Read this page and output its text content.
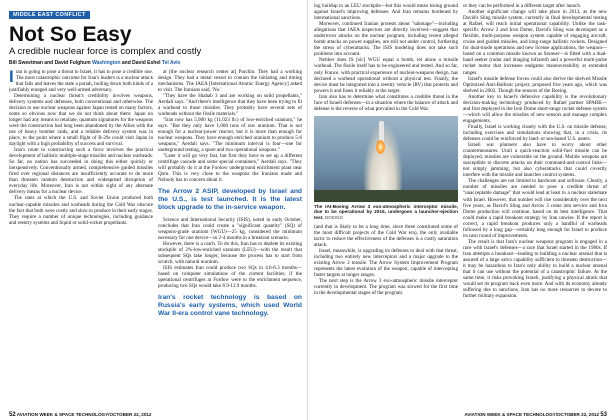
MIDDLE EAST CONFLICT
Not So Easy
A credible nuclear force is complex and costly
Bill Sweetman and David Fulghum Washington and David Eshel Tel Aviv
I ran is going to pose a threat to Israel, it has to pose a credible one. The most catastrophic outcome for Iran's leaders is a nuclear attack that fails and leaves the state a pariah, boiling down both kinds of a justifiably enraged and very well-armed adversary.

Determining a nuclear threat's credibility involves weapons, delivery systems and defenses, both conventional and otherwise. The decision to use nuclear weapons against Japan rested on many factors, some so obvious now that we do not think about them: Japan no longer had any means to retaliate, quantum signatures for the weapons were the construction had long been abandoned by the Allies with the use of heavy bomber raids, and a reliable delivery system was in place, to the point where a small flight of B-29s could visit Japan in daylight with a high probability of success and survival.

Iran's route to constructing such a force involves the practical development of ballistic multiple-stage missiles and nuclear warheads. So far, no nation has succeeded in doing this either quickly or inexpensively. Conventionally armed, comprehensive guided missiles fired over regional distances are insufficiently accurate to do more than threaten random destruction and widespread disruption of everyday life. Moreover, Iran is not within sight of any alternate delivery means for a nuclear device.

The rates at which the U.S. and Soviet Union produced both nuclear-capable missiles and warheads during the Cold War obscure the fact that both were costly and slow to produce in their early stages. They require a number of unique technologies, including guidance and reentry systems and liquid or solid-rocket propellants.

at [the nuclear research center at] Parchin. They had a working design. They had a metal vessel to contain the initiating and timing mechanisms. The IAEA [International Atomic Energy Agency] asked to visit. The Iranians said, 'No.'

"They have the Shahab 3 and are working on solid propellants," Aerdali says. "And there's intelligence that they have been trying to fit a warhead to those missiles. They probably have several sets of warheads without the fissile materials."

"Iran now has 5,000 kg (11,023 lb.) of low-enriched uranium," he says. "But they only have 1,000 tons of raw uranium. That is not enough for a nuclear-power reactor, but it is more than enough for nuclear weapons. They have enough enriched uranium to produce 5-6 weapons," Aerdali says. "The minimum interval is four—one for underground testing, a spare and two operational weapons."

"Later it will go very fast, but first they have to set up a different centrifuge cascade and some special containers," Aerdali says. "They will probably do it at the Fordow underground enrichment plant near Qom. This is very close to the weapons the Iranians made and Nobody has to concern about it.

The Arrow 2 ASIP, developed by Israel and the U.S., is test launched. It is the latest block upgrade to the in-service weapon.

Science and International Security (ISIS), noted in early October, concludes that Iran could create a "significant quantity" (SQ) of weapons-grade uranium (WGU)—25 kg, considered the minimum necessary for one device—in 2-4 months in a breakout scenario.

However, there is a catch. To do this, Iran has to deplete its existing stockpile of 2%-low-enriched uranium (LEU)—with the result that subsequent SQs take longer, because the process has to start from scratch, with natural uranium.

ISIS estimates Iran could produce two SQs in 4.6-6.3 months—based on computer simulations of the current facilities; if the operational centrifuges at Fordow were to the enrichment sequence, producing two SQs would take 8.9-12.9 months.

Iran's rocket technology is based on Russia's early systems, which used World War II-era control vane technology.
52 AVIATION WEEK & SPACE TECHNOLOGY/OCTOBER 22, 2012

ing buildup to an LEU stockpile—but this would mean losing ground against Israel's improving defenses. And Iran remains burdened by international sanctions.

Moreover, continued Iranian protests about "sabotage"—including allegations that IAEA inspectors are directly involved—suggest that underrover attacks on the nuclear program, including recent alleged bomb attacks on power supplies, are still not under control, furthering the stress of cyberattacks. The ISIS modeling does not take such problems into account.

Neither does IS [sic] WGU equal a bomb, let alone a missile warhead. The fissile itself has to be engineered and tested. And so far, only France, with practical experience of nuclear-weapons design, has declared a warhead operational without a physical test. Finally, the device must be integrated into a reentry vehicle (RV) that protects and powers it and fuses it reliably at the target.

Iran also has to determine what constitutes a credible threat in the face of Israeli defenses—in a situation where the balance of attack and defense is the reverse of what prevailed in the Cold War.

The IAI-Boeing Arrow 3 exo-atmospheric interceptor missile, due to be operational by 2016, undergoes a launcher-ejection test. BOEING

(and that is likely to be a long time, since three constituted some of the most difficult projects of the Cold War era), the only available tactic to reduce the effectiveness of the defenses is a costly saturation attack.

Israel, meanwhile, is upgrading its defenses to deal with that threat, including two entirely new interceptors and a major upgrade to the existing Arrow 2 missile. The Arrow System Improvement Program represents the latest evolution of the weapon, capable of intercepting faster targets at longer ranges.

The next step is the Arrow 3 exo-atmospheric missile interceptor currently in development. The program was slowed for the first time in the developmental stages of the program.

or they can be performed in a different target after launch.

Another significant change will take place in 2013, as the new David's Sling missile system, currently in final developmental testing at Rafael, will reach initial operational capability. Unlike the task-specific Arrow 2 and Iron Dome, David's Sling was developed as a flexible, multi-purpose weapon system capable of engaging aircraft, cruise and guided missiles, and long-range ballistic rockets. Designed for dual-mode operations and new license applications, the weapon—based on a common missile known as Stunner—is fitted with a dual-band seeker (radar and imaging infrared) and a powerful multi-pulse rocket motor that increases endgame maneuverability at extended ranges.

Israel's missile defense forces could also derive the shelved Missile Optimized Anti-Ballistic project, proposed five years ago, which was shelved in 2002. Though the sensors of the Boeing.

Another key to Israel's defensive capability is the revolutionary decision-making technology produced by Rafael partner SPARK—and first deployed in the Iron Dome short-range rocket defense system—which will allow the missiles of new sensors and manage complex engagements.

Finally, Israel is working closely with the U.S. on missile defense, including exercises and simulations showing that, in a crisis, its defenses could be reinforced by land- or sea-based U.S. assets.

Israeli war planners also have to worry about other countermeasures. Until a quick-reaction solid-fuel missile can be deployed, missiles are vulnerable on the ground. Mobile weapons are susceptible to discrete attacks on their command-and-control links—not simply jamming, but also cyberattacks that could covertly interfere with the missile and launcher control systems.

The challenges are not limited to hardware and software. Clearly, a number of missiles are needed to pose a credible threat of "unacceptable damage" that would lead at least to a nuclear stalemate with Israel. However, that number will rise considerably over the next five years, as David's Sling and Arrow 3 come into service and Iron Dome production will continue, based on its best intelligence. That could make a rapid breakout strategy by Iran unwise. If the report is correct, a rapid breakout produces only a handful of warheads followed by a long gap—certainly long enough for Israel to produce its next round of improvements.

The result is that Iran's nuclear weapons program is engaged in a race with Israel's defenses—a race that Israel started in the 1980s. If Iran attempts a breakout—leading to building a nuclear arsenal that is assured of a large salvo capability sufficient to threaten destruction—it may be hazardous to Iran's only ability to build a nuclear arsenal that it can use without the potential of a catastrophic failure. At the same time, it risks provoking Israeli, justifying a physical attack that would set its program back even more. And with its economy already suffering due to sanctions, Iran has no more resources to devote to further military expansion.

AVIATION WEEK & SPACE TECHNOLOGY/OCTOBER 22, 2012 53
